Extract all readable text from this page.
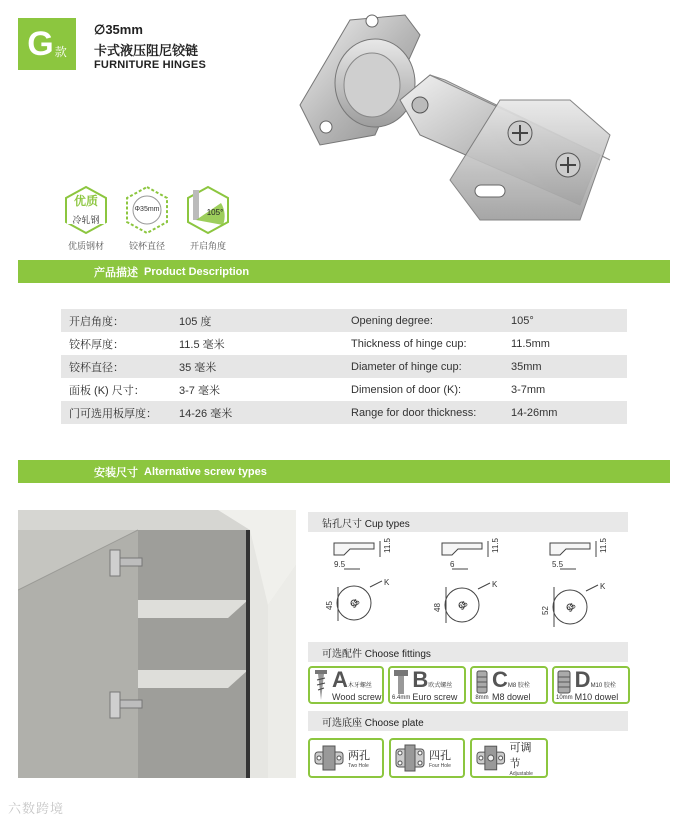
G 款
∅35mm
卡式液压阻尼铰链
FURNITURE HINGES
优质
冷轧钢
Φ35mm	105°
优质钢材	铰杯直径	开启角度
产品描述 Product Description
开启角度：	105 度		Opening degree:	105°
铰杯厚度：	11.5 毫米		Thickness of hinge cup:	11.5mm
铰杯直径：	35 毫米		Diameter of hinge cup:	35mm
面板 (K) 尺寸：	3-7 毫米		Dimension of door (K):	3-7mm
门可选用板厚度：	14-26 毫米		Range for door thickness:	14-26mm
安装尺寸 Alternative screw types
钻孔尺寸 Cup types
11.5
9.5
45 35
K
11.5
6
48 35
K
11.5
5.5
52 35
K
可选配件 Choose fittings
A木牙螺丝
Wood screw 6.4mm
B欧式螺丝
Euro screw	8mm
CM8 胶栓
M8 dowel	10mm
DM10 胶栓
M10 dowel
可选底座 Choose plate
两孔
Two Hole
四孔
Four Hole
可调节
Adjustable
六数跨境
